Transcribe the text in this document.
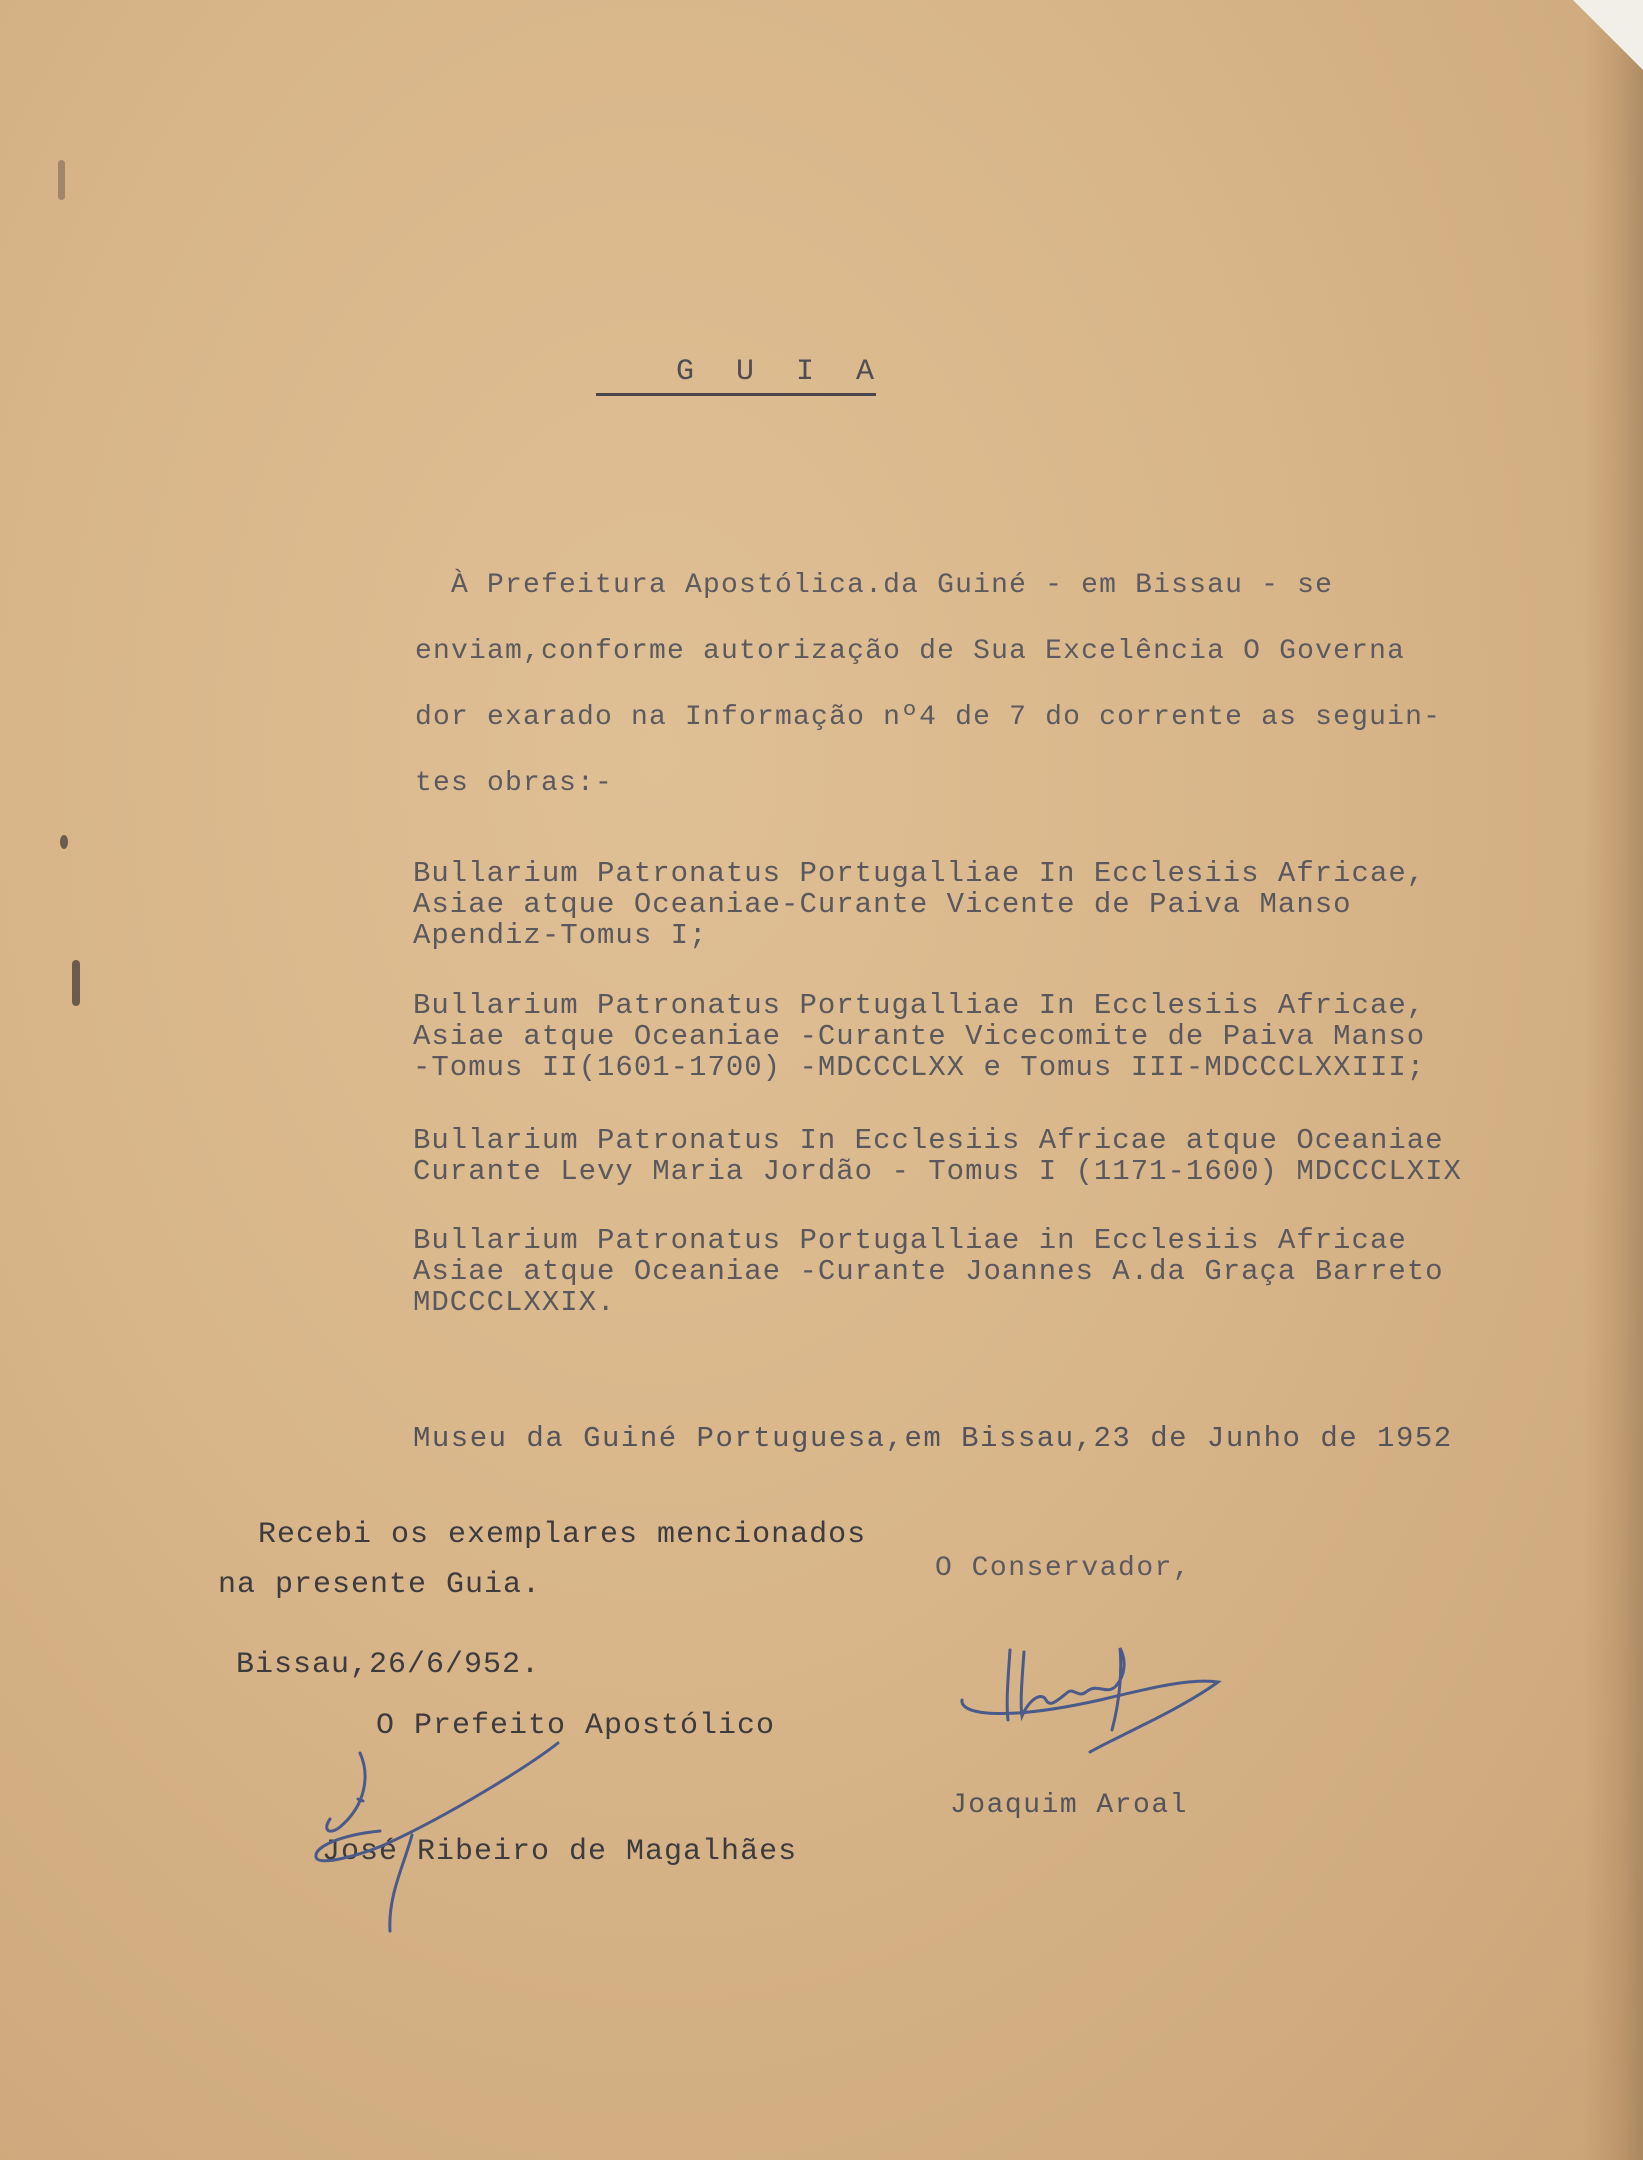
G U I A
À Prefeitura Apostólica.da Guiné - em Bissau - se
enviam,conforme autorização de Sua Excelência O Governa
dor exarado na Informação nº4 de 7 do corrente as seguin-
tes obras:-
Bullarium Patronatus Portugalliae In Ecclesiis Africae,
Asiae atque Oceaniae-Curante Vicente de Paiva Manso
Apendiz-Tomus I;
Bullarium Patronatus Portugalliae In Ecclesiis Africae,
Asiae atque Oceaniae -Curante Vicecomite de Paiva Manso
-Tomus II(1601-1700) -MDCCCLXX e Tomus III-MDCCCLXXIII;
Bullarium Patronatus In Ecclesiis Africae atque Oceaniae
Curante Levy Maria Jordão - Tomus I (1171-1600) MDCCCLXIX
Bullarium Patronatus Portugalliae in Ecclesiis Africae
Asiae atque Oceaniae -Curante Joannes A.da Graça Barreto
MDCCCLXXIX.
Museu da Guiné Portuguesa,em Bissau,23 de Junho de 1952
Recebi os exemplares mencionados
na presente Guia.
Bissau,26/6/952.
O Prefeito Apostólico
José Ribeiro de Magalhães
O Conservador,
Joaquim Aroal
